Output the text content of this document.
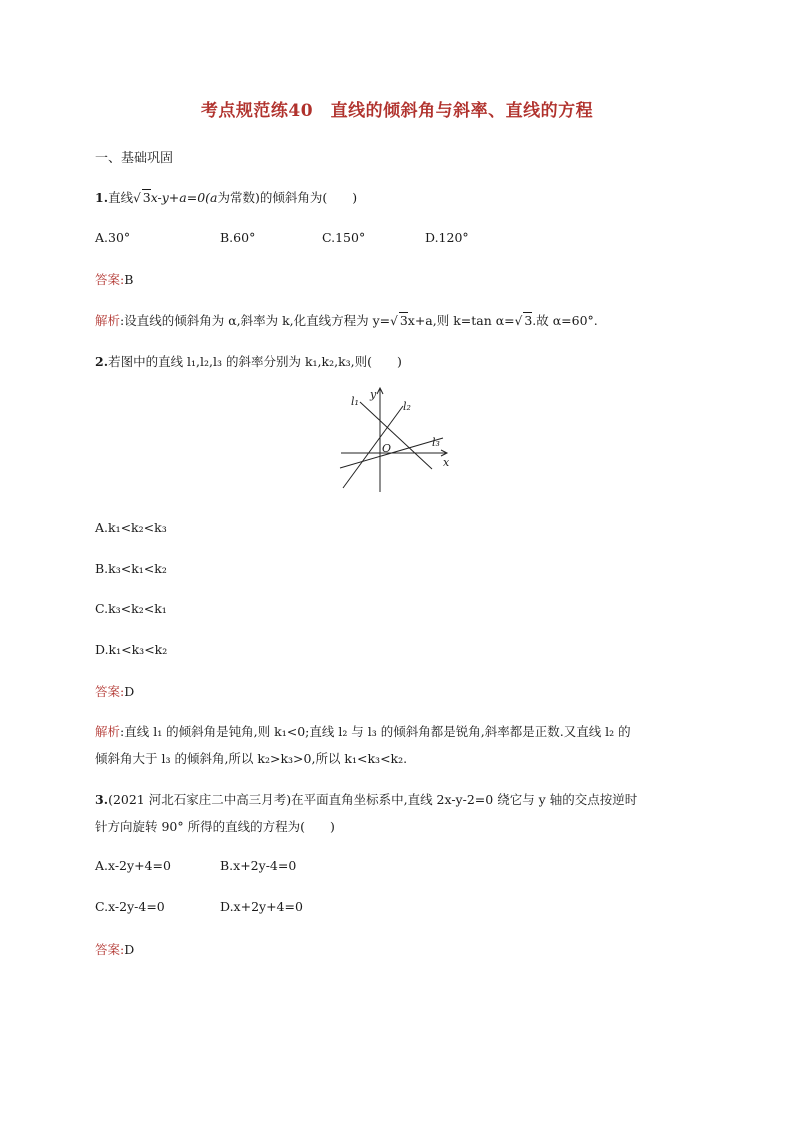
考点规范练40　直线的倾斜角与斜率、直线的方程
一、基础巩固
1.直线√ 3x-y+a=0(a为常数)的倾斜角为(　　)
A.30°	B.60°	C.150°	D.120°
答案:B
解析:设直线的倾斜角为 α,斜率为 k,化直线方程为 y=√ 3x+a,则 k=tan α=√ 3.故 α=60°.
2.若图中的直线 l₁,l₂,l₃ 的斜率分别为 k₁,k₂,k₃,则(　　)
l₁	l₂
l₃
y
x
O
A.k₁<k₂<k₃
B.k₃<k₁<k₂
C.k₃<k₂<k₁
D.k₁<k₃<k₂
答案:D
解析:直线 l₁ 的倾斜角是钝角,则 k₁<0;直线 l₂ 与 l₃ 的倾斜角都是锐角,斜率都是正数.又直线 l₂ 的
倾斜角大于 l₃ 的倾斜角,所以 k₂>k₃>0,所以 k₁<k₃<k₂.
3.(2021 河北石家庄二中高三月考)在平面直角坐标系中,直线 2x-y-2=0 绕它与 y 轴的交点按逆时
针方向旋转 90° 所得的直线的方程为(　　)
A.x-2y+4=0	B.x+2y-4=0
C.x-2y-4=0	D.x+2y+4=0
答案:D
